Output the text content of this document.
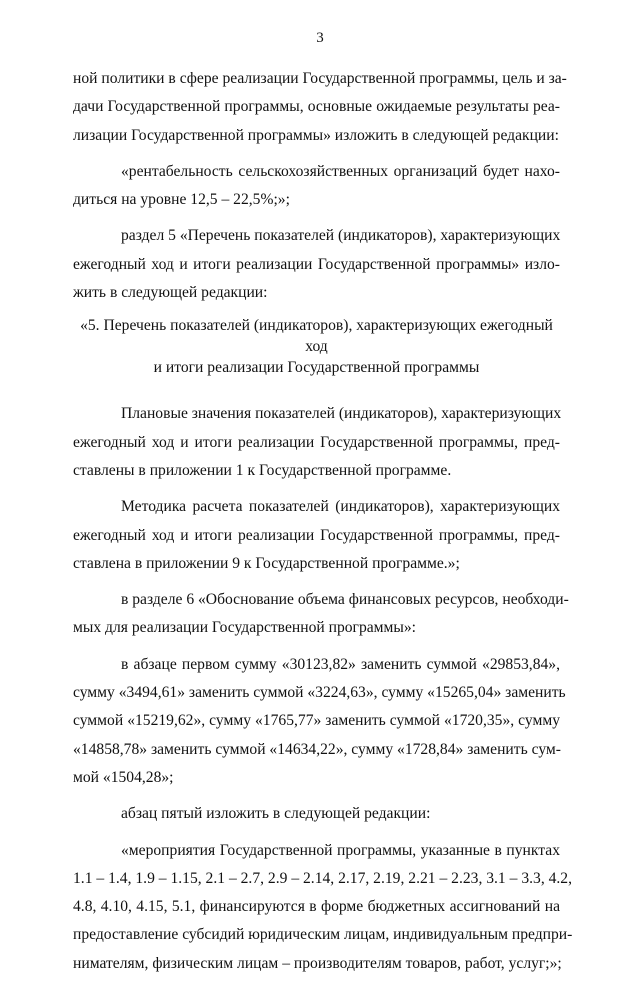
3
ной политики в сфере реализации Государственной программы, цель и за-
дачи Государственной программы, основные ожидаемые результаты реа-
лизации Государственной программы» изложить в следующей редакции:
«рентабельность сельскохозяйственных организаций будет нахо-
диться на уровне 12,5 – 22,5%;»;
раздел 5 «Перечень показателей (индикаторов), характеризующих
ежегодный ход и итоги реализации Государственной программы» изло-
жить в следующей редакции:
«5. Перечень показателей (индикаторов), характеризующих ежегодный ход
и итоги реализации Государственной программы
Плановые значения показателей (индикаторов), характеризующих
ежегодный ход и итоги реализации Государственной программы, пред-
ставлены в приложении 1 к Государственной программе.
Методика расчета показателей (индикаторов), характеризующих
ежегодный ход и итоги реализации Государственной программы, пред-
ставлена в приложении 9 к Государственной программе.»;
в разделе 6 «Обоснование объема финансовых ресурсов, необходи-
мых для реализации Государственной программы»:
в абзаце первом сумму «30123,82» заменить суммой «29853,84»,
сумму «3494,61» заменить суммой «3224,63», сумму «15265,04» заменить
суммой «15219,62», сумму «1765,77» заменить суммой «1720,35», сумму
«14858,78» заменить суммой «14634,22», сумму «1728,84» заменить сум-
мой «1504,28»;
абзац пятый изложить в следующей редакции:
«мероприятия Государственной программы, указанные в пунктах
1.1 – 1.4, 1.9 – 1.15, 2.1 – 2.7, 2.9 – 2.14, 2.17, 2.19, 2.21 – 2.23, 3.1 – 3.3, 4.2,
4.8, 4.10, 4.15, 5.1, финансируются в форме бюджетных ассигнований на
предоставление субсидий юридическим лицам, индивидуальным предпри-
нимателям, физическим лицам – производителям товаров, работ, услуг;»;
